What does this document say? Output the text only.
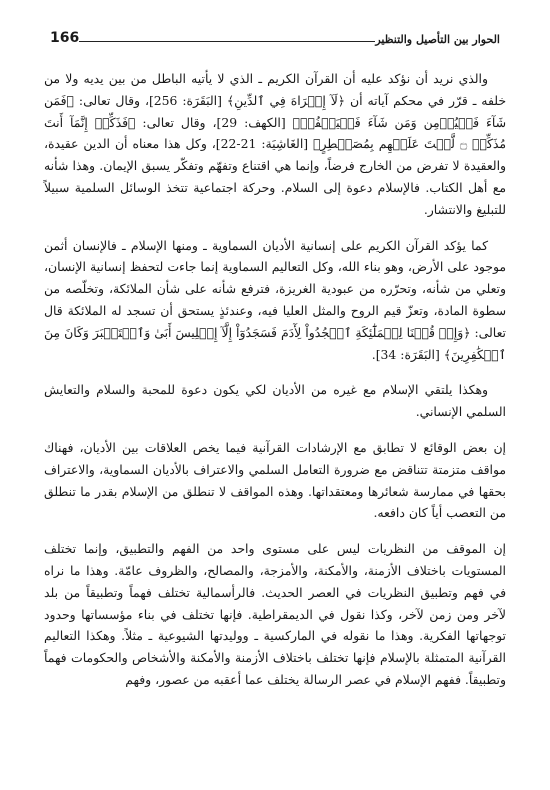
166	الحوار بين التأصيل والتنظير

والذي نريد أن نؤكد عليه أن القرآن الكريم ـ الذي لا يأتيه الباطل من بين يديه ولا من خلفه ـ قرّر في محكم آياته أن ﴿لَآ إِكۡرَاهَ فِي ٱلدِّينِ﴾ [البَقَرَة: 256]، وقال تعالى: ﴿فَمَن شَآءَ فَلۡيُؤۡمِن وَمَن شَآءَ فَلۡيَكۡفُرۡ﴾ [الكهف: 29]، وقال تعالى: ﴿فَذَكِّرۡ إِنَّمَآ أَنتَ مُذَكِّرٞ ۝ لَّسۡتَ عَلَيۡهِم بِمُصَيۡطِرٍ﴾ [الغَاشِيَة: 21-22]، وكل هذا معناه أن الدين عقيدة، والعقيدة لا تفرض من الخارج فرضاً، وإنما هي اقتناع وتفهّم وتفكّر يسبق الإيمان. وهذا شأنه مع أهل الكتاب. فالإسلام دعوة إلى السلام. وحركة اجتماعية تتخذ الوسائل السلمية سبيلاً للتبليغ والانتشار.

كما يؤكد القرآن الكريم على إنسانية الأديان السماوية ـ ومنها الإسلام ـ فالإنسان أثمن موجود على الأرض، وهو بناء الله، وكل التعاليم السماوية إنما جاءت لتحفظ إنسانية الإنسان، وتعلي من شأنه، وتحرّره من عبودية الغريزة، فترفع شأنه على شأن الملائكة، وتخلّصه من سطوة المادة، وتعزّ قيم الروح والمثل العليا فيه، وعندئذٍ يستحق أن تسجد له الملائكة قال تعالى: ﴿وَإِذۡ قُلۡنَا لِلۡمَلَٰٓئِكَةِ ٱسۡجُدُواْ لِأٓدَمَ فَسَجَدُوٓاْ إِلَّآ إِبۡلِيسَ أَبَىٰ وَٱسۡتَكۡبَرَ وَكَانَ مِنَ ٱلۡكَٰفِرِينَ﴾ [البَقَرَة: 34].

وهكذا يلتقي الإسلام مع غيره من الأديان لكي يكون دعوة للمحبة والسلام والتعايش السلمي الإنساني.

إن بعض الوقائع لا تطابق مع الإرشادات القرآنية فيما يخص العلاقات بين الأديان، فهناك مواقف متزمتة تتناقض مع ضرورة التعامل السلمي والاعتراف بالأديان السماوية، والاعتراف بحقها في ممارسة شعائرها ومعتقداتها. وهذه المواقف لا تنطلق من الإسلام بقدر ما تنطلق من التعصب أياً كان دافعه.

إن الموقف من النظريات ليس على مستوى واحد من الفهم والتطبيق، وإنما تختلف المستويات باختلاف الأزمنة، والأمكنة، والأمزجة، والمصالح، والظروف عامّة. وهذا ما نراه في فهم وتطبيق النظريات في العصر الحديث. فالرأسمالية تختلف فهماً وتطبيقاً من بلد لآخر ومن زمن لآخر، وكذا نقول في الديمقراطية. فإنها تختلف في بناء مؤسساتها وحدود توجهاتها الفكرية. وهذا ما نقوله في الماركسية ـ ووليدتها الشيوعية ـ مثلاً. وهكذا التعاليم القرآنية المتمثلة بالإسلام فإنها تختلف باختلاف الأزمنة والأمكنة والأشخاص والحكومات فهماً وتطبيقاً. ففهم الإسلام في عصر الرسالة يختلف عما أعقبه من عصور، وفهم
